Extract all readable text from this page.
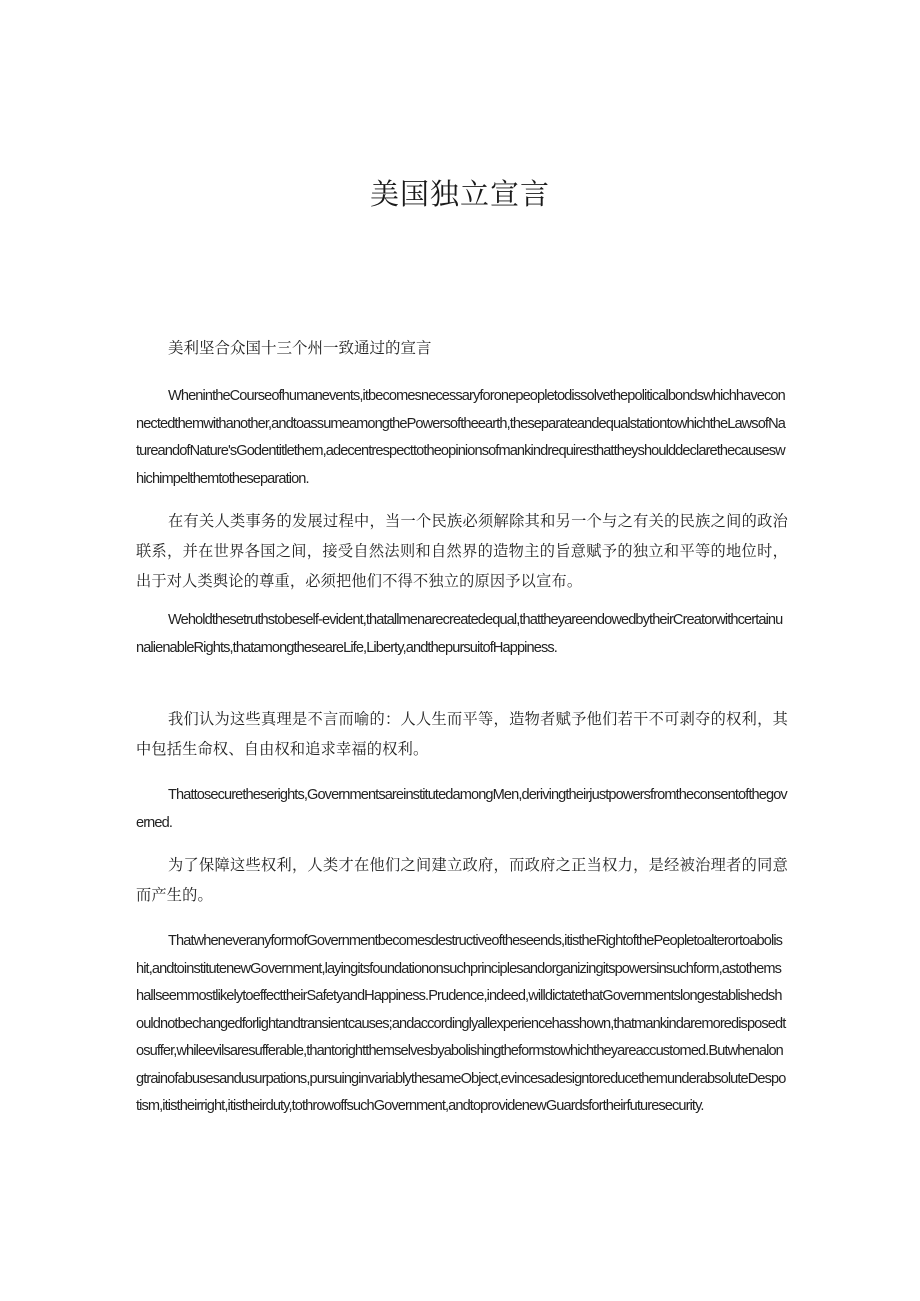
美国独立宣言
美利坚合众国十三个州一致通过的宣言

WhenintheCourseofhumanevents,itbecomesnecessaryforonepeopletodissolvethepoliticalbondswhichhaveconnectedthemwithanother,andtoassumeamongthePowersoftheearth,theseparateandequalstationtowhichtheLawsofNatureandofNature'sGodentitlethem,adecentrespecttotheopinionsofmankindrequiresthattheyshoulddeclarethecauseswhichimpelthemtotheseparation.

在有关人类事务的发展过程中，当一个民族必须解除其和另一个与之有关的民族之间的政治联系，并在世界各国之间，接受自然法则和自然界的造物主的旨意赋予的独立和平等的地位时，出于对人类舆论的尊重，必须把他们不得不独立的原因予以宣布。

Weholdthesetruthstobeself-evident,thatallmenarecreatedequal,thattheyareendowedbytheirCreatorwithcertainunalienableRights,thatamongtheseareLife,Liberty,andthepursuitofHappiness.

我们认为这些真理是不言而喻的：人人生而平等，造物者赋予他们若干不可剥夺的权利，其中包括生命权、自由权和追求幸福的权利。

Thattosecuretheserights,GovernmentsareinstitutedamongMen,derivingtheirjustpowersfromtheconsentofthegoverned.

为了保障这些权利，人类才在他们之间建立政府，而政府之正当权力，是经被治理者的同意而产生的。

ThatwheneveranyformofGovernmentbecomesdestructiveoftheseends,itistheRightofthePeopletoalterortoabolishit,andtoinstitutenewGovernment,layingitsfoundationonsuchprinciplesandorganizingitspowersinsuchform,astothemshallseemmostlikelytoeffecttheirSafetyandHappiness.Prudence,indeed,willdictatethatGovernmentslongestablishedshouldnotbechangedforlightandtransientcauses;andaccordinglyallexperiencehasshown,thatmankindaremoredisposedtosuffer,whileevilsaresufferable,thantorightthemselvesbyabolishingtheformstowhichtheyareaccustomed.Butwhenalongtrainofabusesandusurpations,pursuinginvariablythesameObject,evincesadesigntoreducethemunderabsoluteDespotism,itistheirright,itistheirduty,tothrowoffsuchGovernment,andtoprovidenewGuardsfortheirfuturesecurity.
